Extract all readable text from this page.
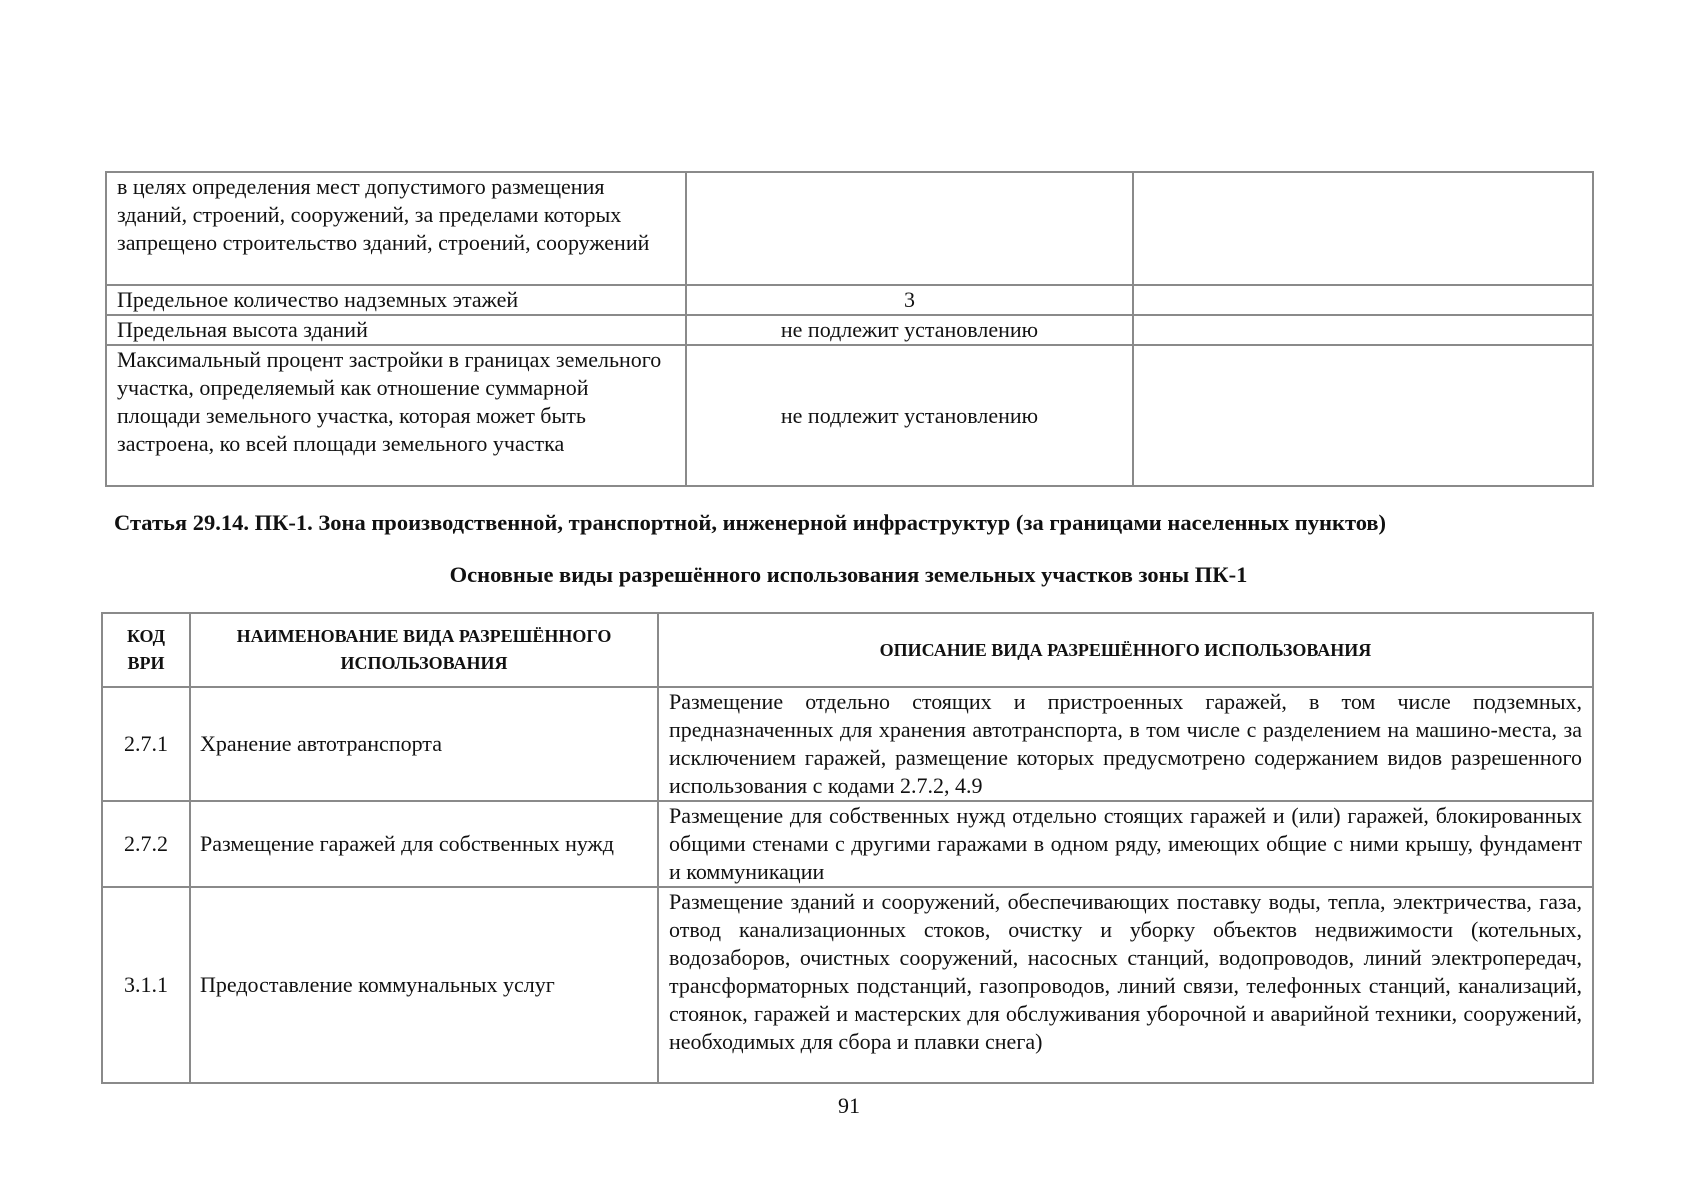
в целях определения мест допустимого размещения зданий, строений, сооружений, за пределами которых запрещено строительство зданий, строений, сооружений		
Предельное количество надземных этажей	3	
Предельная высота зданий	не подлежит установлению	
Максимальный процент застройки в границах земельного участка, определяемый как отношение суммарной площади земельного участка, которая может быть застроена, ко всей площади земельного участка	не подлежит установлению	
Статья 29.14. ПК-1. Зона производственной, транспортной, инженерной инфраструктур (за границами населенных пунктов)
Основные виды разрешённого использования земельных участков зоны ПК-1
КОД ВРИ	НАИМЕНОВАНИЕ ВИДА РАЗРЕШЁННОГО ИСПОЛЬЗОВАНИЯ	ОПИСАНИЕ ВИДА РАЗРЕШЁННОГО ИСПОЛЬЗОВАНИЯ
2.7.1	Хранение автотранспорта	Размещение отдельно стоящих и пристроенных гаражей, в том числе подземных, предназначенных для хранения автотранспорта, в том числе с разделением на машино-места, за исключением гаражей, размещение которых предусмотрено содержанием видов разрешенного использования с кодами 2.7.2, 4.9
2.7.2	Размещение гаражей для собственных нужд	Размещение для собственных нужд отдельно стоящих гаражей и (или) гаражей, блокированных общими стенами с другими гаражами в одном ряду, имеющих общие с ними крышу, фундамент и коммуникации
3.1.1	Предоставление коммунальных услуг	Размещение зданий и сооружений, обеспечивающих поставку воды, тепла, электричества, газа, отвод канализационных стоков, очистку и уборку объектов недвижимости (котельных, водозаборов, очистных сооружений, насосных станций, водопроводов, линий электропередач, трансформаторных подстанций, газопроводов, линий связи, телефонных станций, канализаций, стоянок, гаражей и мастерских для обслуживания уборочной и аварийной техники, сооружений, необходимых для сбора и плавки снега)
91
